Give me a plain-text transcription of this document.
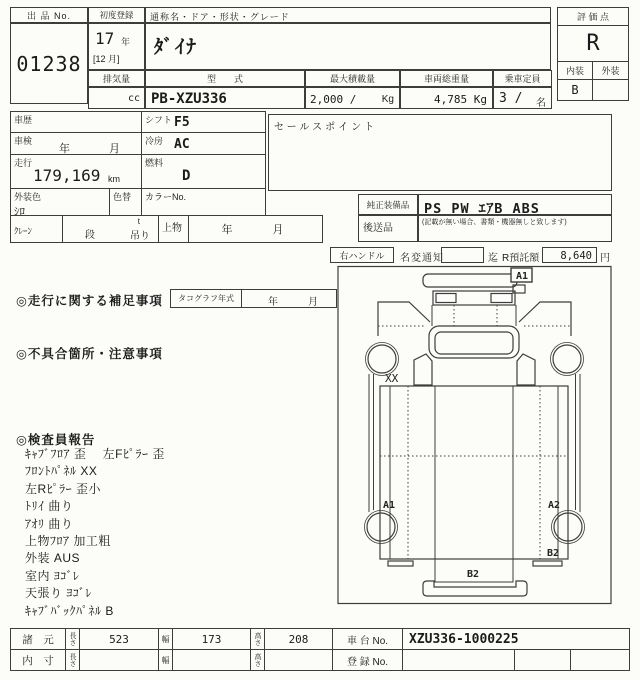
出 品 No.
01238
初度登録
17 年
[12 月]
通称名・ドア・形状・グレード
ﾀﾞｲﾅ
排気量
cc
型　　式
PB-XZU336
最大積載量
2,000 /	Kg
車両総重量
4,785 Kg
乗車定員
3 / 名
評 価 点
R
内装 外装
B
車歴	シフト F5
車検
年　月
冷房 AC
走行
179,169 km
燃料
D
外装色
ｼﾛ
色替 カラーNo.
ｸﾚｰﾝ	段
t
吊り
上物	年　　月
セールスポイント
純正装備品 PS PW ｴｱB ABS
後送品
(記載が無い場合、書類・機器無しと致します)
右ハンドル 名変通知	迄 R預託額 8,640 円
◎走行に関する補足事項 タコグラフ年式	年　月
◎不具合箇所・注意事項
◎検査員報告
ｷｬﾌﾞﾌﾛｱ 歪　 左Fﾋﾟﾗｰ 歪
ﾌﾛﾝﾄﾊﾟﾈﾙ XX
左Rﾋﾟﾗｰ 歪小
ﾄﾘｲ 曲り
ｱｵﾘ 曲り
上物ﾌﾛｱ 加工粗
外装 AUS
室内 ﾖｺﾞﾚ
天張り ﾖｺﾞﾚ
ｷｬﾌﾞﾊﾞｯｸﾊﾟﾈﾙ B
A1
XX
A1	A2
B2
B2
諸　元 長さ	523	幅	173	高さ	208	車 台 No. XZU336-1000225
内　寸 長さ	幅	高さ	登 録 No.
